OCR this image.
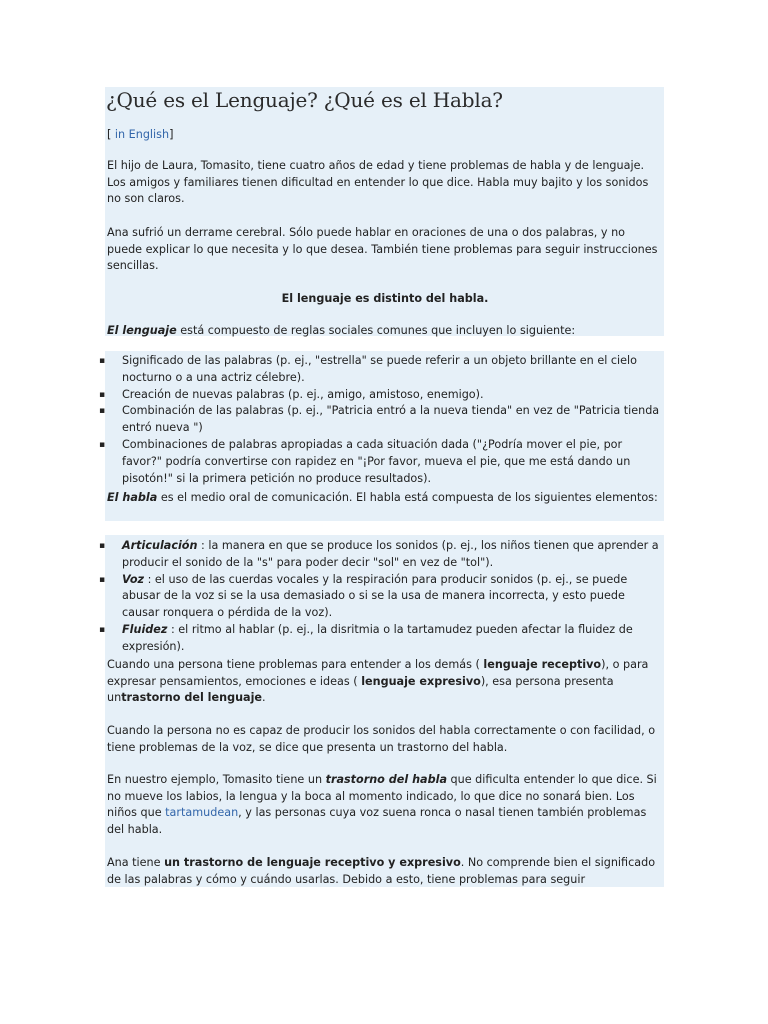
¿Qué es el Lenguaje? ¿Qué es el Habla?

[ in English]

El hijo de Laura, Tomasito, tiene cuatro años de edad y tiene problemas de habla y de lenguaje. Los amigos y familiares tienen dificultad en entender lo que dice. Habla muy bajito y los sonidos no son claros.

Ana sufrió un derrame cerebral. Sólo puede hablar en oraciones de una o dos palabras, y no puede explicar lo que necesita y lo que desea. También tiene problemas para seguir instrucciones sencillas.

El lenguaje es distinto del habla.

El lenguaje está compuesto de reglas sociales comunes que incluyen lo siguiente:

▪ Significado de las palabras (p. ej., "estrella" se puede referir a un objeto brillante en el cielo nocturno o a una actriz célebre).
▪ Creación de nuevas palabras (p. ej., amigo, amistoso, enemigo).
▪ Combinación de las palabras (p. ej., "Patricia entró a la nueva tienda" en vez de "Patricia tienda entró nueva ")
▪ Combinaciones de palabras apropiadas a cada situación dada ("¿Podría mover el pie, por favor?" podría convertirse con rapidez en "¡Por favor, mueva el pie, que me está dando un pisotón!" si la primera petición no produce resultados).

El habla es el medio oral de comunicación. El habla está compuesta de los siguientes elementos:

▪ Articulación : la manera en que se produce los sonidos (p. ej., los niños tienen que aprender a producir el sonido de la "s" para poder decir "sol" en vez de "tol").
▪ Voz : el uso de las cuerdas vocales y la respiración para producir sonidos (p. ej., se puede abusar de la voz si se la usa demasiado o si se la usa de manera incorrecta, y esto puede causar ronquera o pérdida de la voz).
▪ Fluidez : el ritmo al hablar (p. ej., la disritmia o la tartamudez pueden afectar la fluidez de expresión).

Cuando una persona tiene problemas para entender a los demás ( lenguaje receptivo), o para expresar pensamientos, emociones e ideas ( lenguaje expresivo), esa persona presenta untrastorno del lenguaje.

Cuando la persona no es capaz de producir los sonidos del habla correctamente o con facilidad, o tiene problemas de la voz, se dice que presenta un trastorno del habla.

En nuestro ejemplo, Tomasito tiene un trastorno del habla que dificulta entender lo que dice. Si no mueve los labios, la lengua y la boca al momento indicado, lo que dice no sonará bien. Los niños que tartamudean, y las personas cuya voz suena ronca o nasal tienen también problemas del habla.

Ana tiene un trastorno de lenguaje receptivo y expresivo. No comprende bien el significado de las palabras y cómo y cuándo usarlas. Debido a esto, tiene problemas para seguir
